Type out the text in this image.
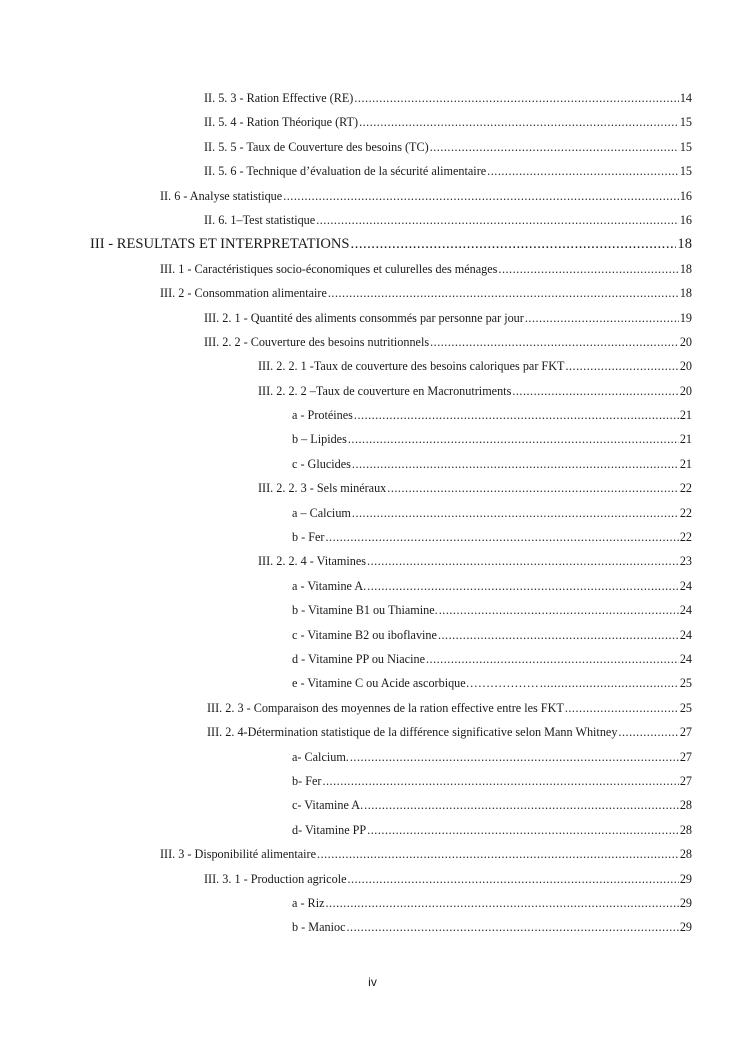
II. 5. 3 - Ration Effective (RE) .....	14
II. 5. 4 - Ration Théorique (RT) .....	15
II. 5. 5 - Taux de Couverture des besoins (TC) .....	15
II. 5. 6 - Technique d’évaluation de la sécurité alimentaire .....	15
II. 6 - Analyse statistique .....	16
II. 6. 1–Test statistique .....	16
III - RESULTATS ET INTERPRETATIONS .....	18
III. 1 - Caractéristiques socio-économiques et culurelles des ménages .....	18
III. 2 - Consommation alimentaire .....	18
III. 2. 1 - Quantité des aliments consommés par personne par jour .....	19
III. 2. 2 - Couverture des besoins nutritionnels .....	20
III. 2. 2. 1 -Taux de couverture des besoins caloriques par FKT .....	20
III. 2. 2. 2 –Taux de couverture en Macronutriments .....	20
a - Protéines .....	21
b – Lipides .....	21
c - Glucides .....	21
III. 2. 2. 3 - Sels minéraux .....	22
a – Calcium .....	22
b - Fer .....	22
III. 2. 2. 4 - Vitamines .....	23
a - Vitamine A. .....	24
b - Vitamine B1 ou Thiamine. .....	24
c - Vitamine B2 ou iboflavine .....	24
d - Vitamine PP ou Niacine .....	24
e - Vitamine C ou Acide ascorbique……………… .....	25
III. 2. 3 - Comparaison des moyennes de la ration effective entre les FKT .....	25
III. 2. 4-Détermination statistique de la différence significative selon Mann Whitney .....	27
a- Calcium. .....	27
b- Fer .....	27
c- Vitamine A. .....	28
d- Vitamine PP .....	28
III. 3 - Disponibilité alimentaire .....	28
III. 3. 1 - Production agricole .....	29
a - Riz .....	29
b - Manioc .....	29
iv
